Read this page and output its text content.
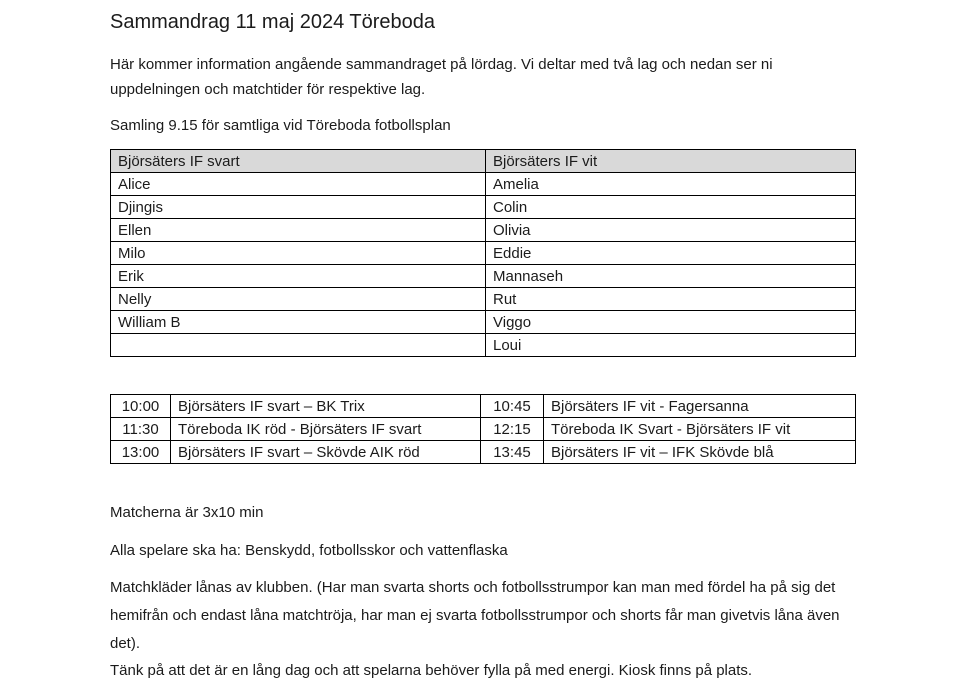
Sammandrag 11 maj 2024 Töreboda

Här kommer information angående sammandraget på lördag. Vi deltar med två lag och nedan ser ni uppdelningen och matchtider för respektive lag.

Samling 9.15 för samtliga vid Töreboda fotbollsplan

Björsäters IF svart	Björsäters IF vit
Alice	Amelia
Djingis	Colin
Ellen	Olivia
Milo	Eddie
Erik	Mannaseh
Nelly	Rut
William B	Viggo
	Loui
10:00	Björsäters IF svart – BK Trix	10:45	Björsäters IF vit - Fagersanna
11:30	Töreboda IK röd - Björsäters IF svart	12:15	Töreboda IK Svart - Björsäters IF vit
13:00	Björsäters IF svart – Skövde AIK röd	13:45	Björsäters IF vit – IFK Skövde blå

Matcherna är 3x10 min

Alla spelare ska ha: Benskydd, fotbollsskor och vattenflaska

Matchkläder lånas av klubben. (Har man svarta shorts och fotbollsstrumpor kan man med fördel ha på sig det hemifrån och endast låna matchtröja, har man ej svarta fotbollsstrumpor och shorts får man givetvis låna även det).

Tänk på att det är en lång dag och att spelarna behöver fylla på med energi. Kiosk finns på plats.
